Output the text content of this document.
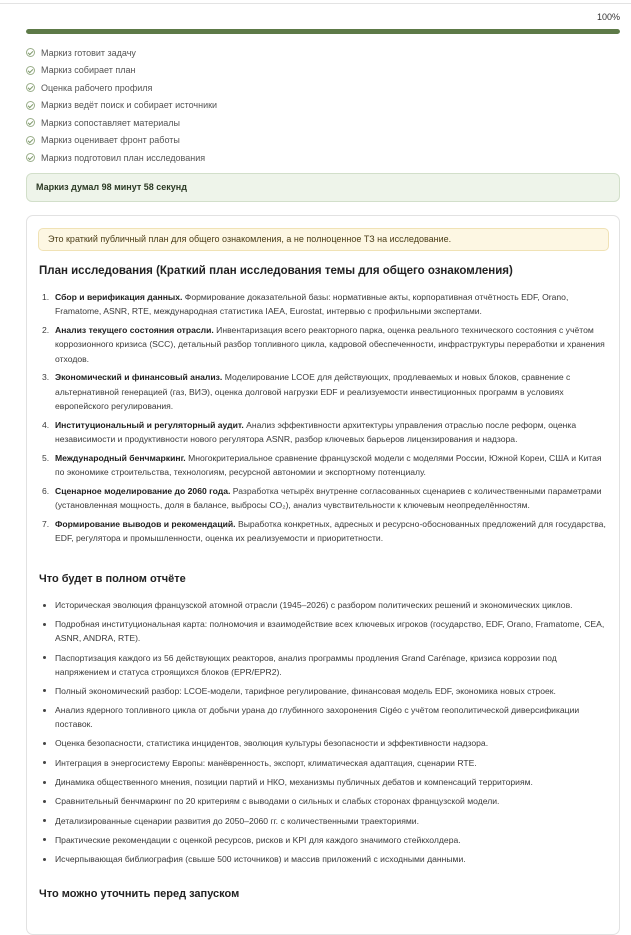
100%
Маркиз готовит задачу
Маркиз собирает план
Оценка рабочего профиля
Маркиз ведёт поиск и собирает источники
Маркиз сопоставляет материалы
Маркиз оценивает фронт работы
Маркиз подготовил план исследования
Маркиз думал 98 минут 58 секунд
Это краткий публичный план для общего ознакомления, а не полноценное ТЗ на исследование.
План исследования (Краткий план исследования темы для общего ознакомления)
1. Сбор и верификация данных. Формирование доказательной базы: нормативные акты, корпоративная отчётность EDF, Orano, Framatome, ASNR, RTE, международная статистика IAEA, Eurostat, интервью с профильными экспертами.
2. Анализ текущего состояния отрасли. Инвентаризация всего реакторного парка, оценка реального технического состояния с учётом коррозионного кризиса (SCC), детальный разбор топливного цикла, кадровой обеспеченности, инфраструктуры переработки и хранения отходов.
3. Экономический и финансовый анализ. Моделирование LCOE для действующих, продлеваемых и новых блоков, сравнение с альтернативной генерацией (газ, ВИЭ), оценка долговой нагрузки EDF и реализуемости инвестиционных программ в условиях европейского регулирования.
4. Институциональный и регуляторный аудит. Анализ эффективности архитектуры управления отраслью после реформ, оценка независимости и продуктивности нового регулятора ASNR, разбор ключевых барьеров лицензирования и надзора.
5. Международный бенчмаркинг. Многокритериальное сравнение французской модели с моделями России, Южной Кореи, США и Китая по экономике строительства, технологиям, ресурсной автономии и экспортному потенциалу.
6. Сценарное моделирование до 2060 года. Разработка четырёх внутренне согласованных сценариев с количественными параметрами (установленная мощность, доля в балансе, выбросы CO₂), анализ чувствительности к ключевым неопределённостям.
7. Формирование выводов и рекомендаций. Выработка конкретных, адресных и ресурсно-обоснованных предложений для государства, EDF, регулятора и промышленности, оценка их реализуемости и приоритетности.
Что будет в полном отчёте
Историческая эволюция французской атомной отрасли (1945–2026) с разбором политических решений и экономических циклов.
Подробная институциональная карта: полномочия и взаимодействие всех ключевых игроков (государство, EDF, Orano, Framatome, CEA, ASNR, ANDRA, RTE).
Паспортизация каждого из 56 действующих реакторов, анализ программы продления Grand Carénage, кризиса коррозии под напряжением и статуса строящихся блоков (EPR/EPR2).
Полный экономический разбор: LCOE-модели, тарифное регулирование, финансовая модель EDF, экономика новых строек.
Анализ ядерного топливного цикла от добычи урана до глубинного захоронения Cigéo с учётом геополитической диверсификации поставок.
Оценка безопасности, статистика инцидентов, эволюция культуры безопасности и эффективности надзора.
Интеграция в энергосистему Европы: манёвренность, экспорт, климатическая адаптация, сценарии RTE.
Динамика общественного мнения, позиции партий и НКО, механизмы публичных дебатов и компенсаций территориям.
Сравнительный бенчмаркинг по 20 критериям с выводами о сильных и слабых сторонах французской модели.
Детализированные сценарии развития до 2050–2060 гг. с количественными траекториями.
Практические рекомендации с оценкой ресурсов, рисков и KPI для каждого значимого стейкхолдера.
Исчерпывающая библиография (свыше 500 источников) и массив приложений с исходными данными.
Что можно уточнить перед запуском
